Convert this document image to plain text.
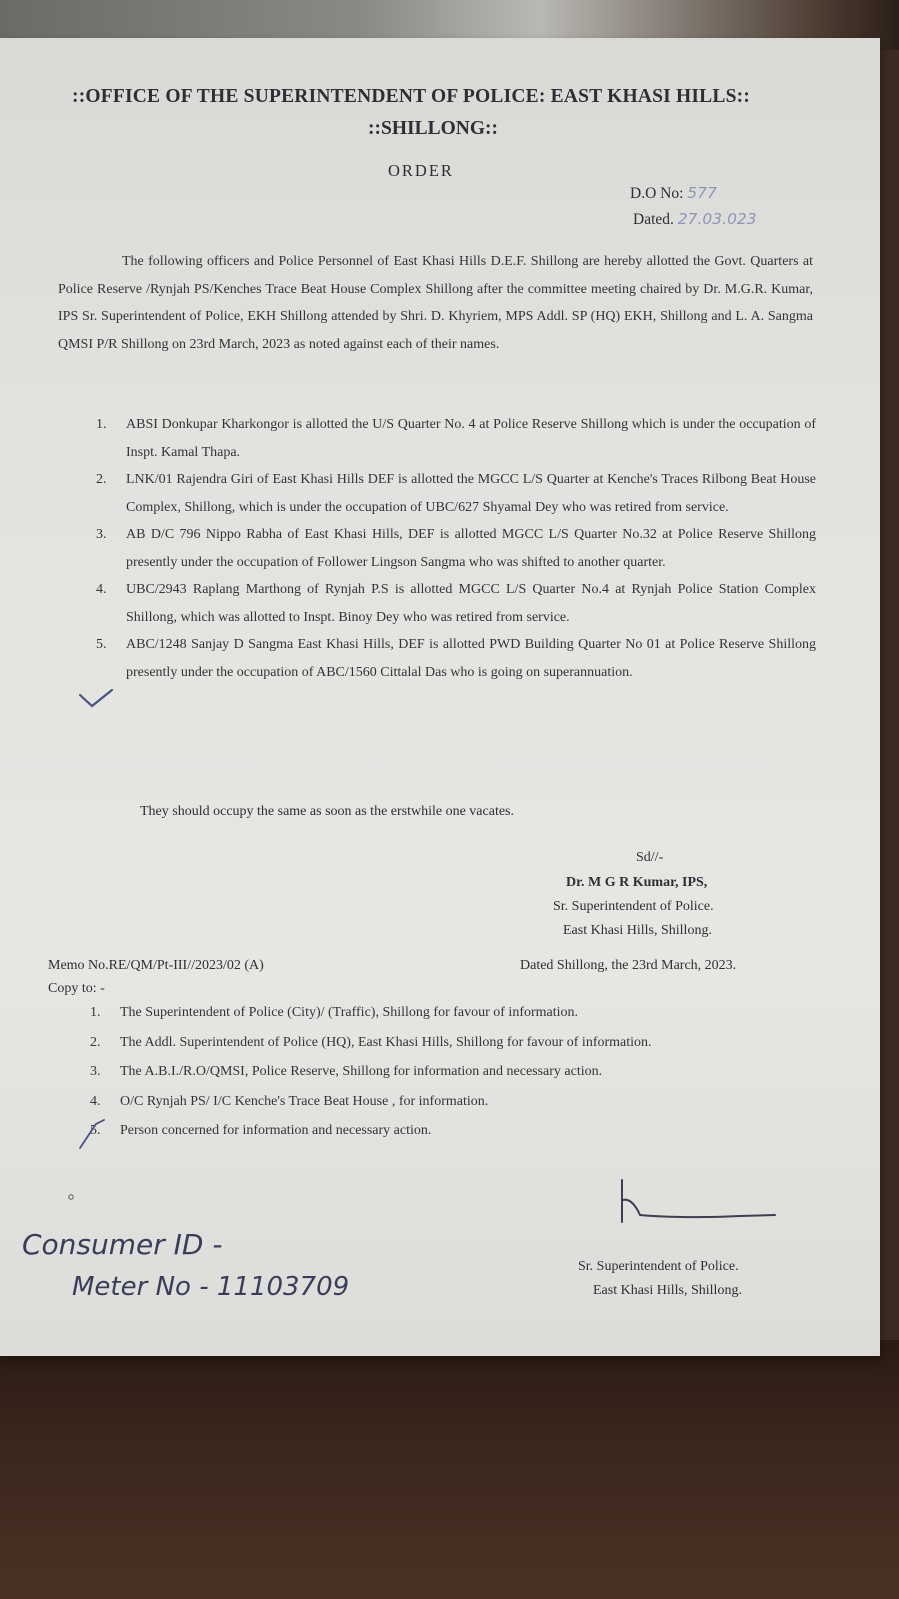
::OFFICE OF THE SUPERINTENDENT OF POLICE: EAST KHASI HILLS::
::SHILLONG::
ORDER
D.O No: 577
Dated. 27.03.023
The following officers and Police Personnel of East Khasi Hills D.E.F. Shillong are hereby allotted the Govt. Quarters at Police Reserve /Rynjah PS/Kenches Trace Beat House Complex Shillong after the committee meeting chaired by Dr. M.G.R. Kumar, IPS Sr. Superintendent of Police, EKH Shillong attended by Shri. D. Khyriem, MPS Addl. SP (HQ) EKH, Shillong and L. A. Sangma QMSI P/R Shillong on 23rd March, 2023 as noted against each of their names.
1. ABSI Donkupar Kharkongor is allotted the U/S Quarter No. 4 at Police Reserve Shillong which is under the occupation of Inspt. Kamal Thapa.
2. LNK/01 Rajendra Giri of East Khasi Hills DEF is allotted the MGCC L/S Quarter at Kenche's Traces Rilbong Beat House Complex, Shillong, which is under the occupation of UBC/627 Shyamal Dey who was retired from service.
3. AB D/C 796 Nippo Rabha of East Khasi Hills, DEF is allotted MGCC L/S Quarter No.32 at Police Reserve Shillong presently under the occupation of Follower Lingson Sangma who was shifted to another quarter.
4. UBC/2943 Raplang Marthong of Rynjah P.S is allotted MGCC L/S Quarter No.4 at Rynjah Police Station Complex Shillong, which was allotted to Inspt. Binoy Dey who was retired from service.
5. ABC/1248 Sanjay D Sangma East Khasi Hills, DEF is allotted PWD Building Quarter No 01 at Police Reserve Shillong presently under the occupation of ABC/1560 Cittalal Das who is going on superannuation.
They should occupy the same as soon as the erstwhile one vacates.
Sd//-
Dr. M G R Kumar, IPS,
Sr. Superintendent of Police.
East Khasi Hills, Shillong.
Memo No.RE/QM/Pt-III//2023/02 (A)	Dated Shillong, the 23rd March, 2023.
Copy to: -
1. The Superintendent of Police (City)/ (Traffic), Shillong for favour of information.
2. The Addl. Superintendent of Police (HQ), East Khasi Hills, Shillong for favour of information.
3. The A.B.I./R.O/QMSI, Police Reserve, Shillong for information and necessary action.
4. O/C Rynjah PS/ I/C Kenche's Trace Beat House , for information.
5. Person concerned for information and necessary action.
Sr. Superintendent of Police.
East Khasi Hills, Shillong.
Consumer ID -
Meter No - 11103709
